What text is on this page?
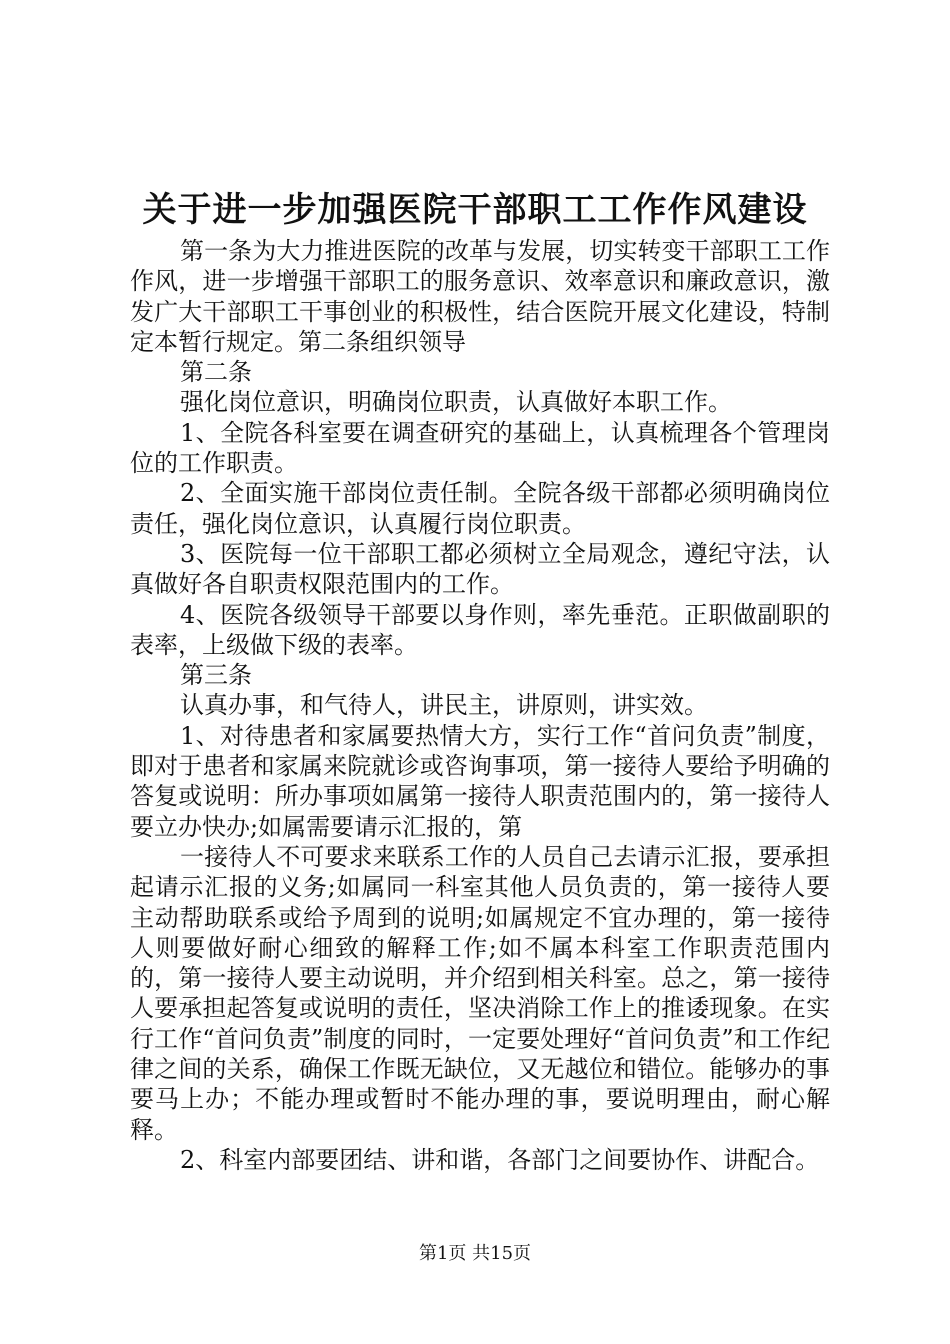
关于进一步加强医院干部职工工作作风建设

第一条为大力推进医院的改革与发展，切实转变干部职工工作作风，进一步增强干部职工的服务意识、效率意识和廉政意识，激发广大干部职工干事创业的积极性，结合医院开展文化建设，特制定本暂行规定。第二条组织领导

第二条

强化岗位意识，明确岗位职责，认真做好本职工作。

1、全院各科室要在调查研究的基础上，认真梳理各个管理岗位的工作职责。

2、全面实施干部岗位责任制。全院各级干部都必须明确岗位责任，强化岗位意识，认真履行岗位职责。

3、医院每一位干部职工都必须树立全局观念，遵纪守法，认真做好各自职责权限范围内的工作。

4、医院各级领导干部要以身作则，率先垂范。正职做副职的表率，上级做下级的表率。

第三条

认真办事，和气待人，讲民主，讲原则，讲实效。

1、对待患者和家属要热情大方，实行工作“首问负责”制度，即对于患者和家属来院就诊或咨询事项，第一接待人要给予明确的答复或说明：所办事项如属第一接待人职责范围内的，第一接待人要立办快办;如属需要请示汇报的，第

一接待人不可要求来联系工作的人员自己去请示汇报，要承担起请示汇报的义务;如属同一科室其他人员负责的，第一接待人要主动帮助联系或给予周到的说明;如属规定不宜办理的，第一接待人则要做好耐心细致的解释工作;如不属本科室工作职责范围内的，第一接待人要主动说明，并介绍到相关科室。总之，第一接待人要承担起答复或说明的责任，坚决消除工作上的推诿现象。在实行工作“首问负责”制度的同时，一定要处理好“首问负责”和工作纪律之间的关系，确保工作既无缺位，又无越位和错位。能够办的事要马上办；不能办理或暂时不能办理的事，要说明理由，耐心解释。

2、科室内部要团结、讲和谐，各部门之间要协作、讲配合。

第1页 共15页
